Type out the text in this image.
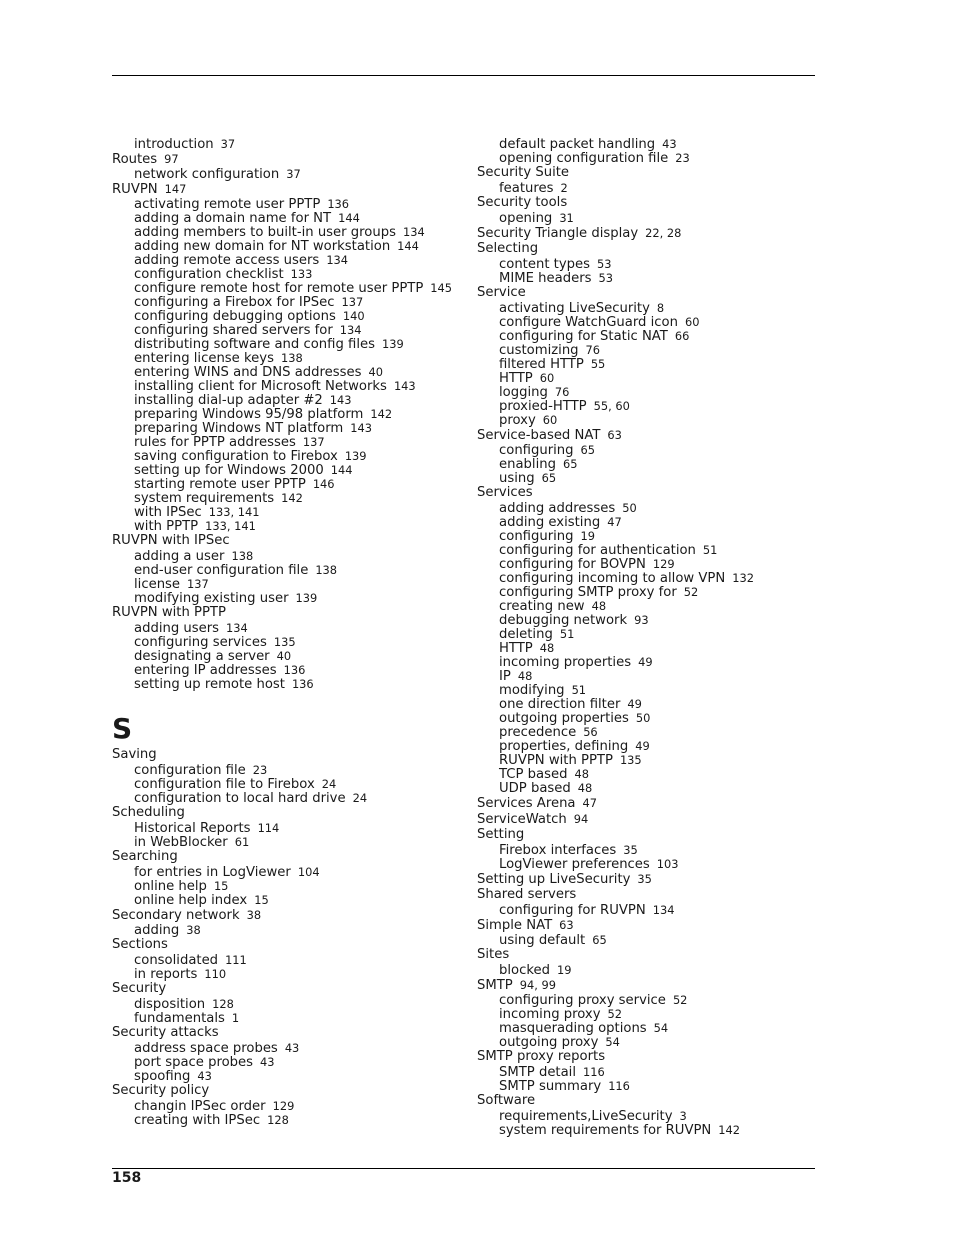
introduction 37
Routes 97
network configuration 37
RUVPN 147
activating remote user PPTP 136
adding a domain name for NT 144
adding members to built-in user groups 134
adding new domain for NT workstation 144
adding remote access users 134
configuration checklist 133
configure remote host for remote user PPTP 145
configuring a Firebox for IPSec 137
configuring debugging options 140
configuring shared servers for 134
distributing software and config files 139
entering license keys 138
entering WINS and DNS addresses 40
installing client for Microsoft Networks 143
installing dial-up adapter #2 143
preparing Windows 95/98 platform 142
preparing Windows NT platform 143
rules for PPTP addresses 137
saving configuration to Firebox 139
setting up for Windows 2000 144
starting remote user PPTP 146
system requirements 142
with IPSec 133, 141
with PPTP 133, 141
RUVPN with IPSec
adding a user 138
end-user configuration file 138
license 137
modifying existing user 139
RUVPN with PPTP
adding users 134
configuring services 135
designating a server 40
entering IP addresses 136
setting up remote host 136
S
Saving
configuration file 23
configuration file to Firebox 24
configuration to local hard drive 24
Scheduling
Historical Reports 114
in WebBlocker 61
Searching
for entries in LogViewer 104
online help 15
online help index 15
Secondary network 38
adding 38
Sections
consolidated 111
in reports 110
Security
disposition 128
fundamentals 1
Security attacks
address space probes 43
port space probes 43
spoofing 43
Security policy
changin IPSec order 129
creating with IPSec 128
default packet handling 43
opening configuration file 23
Security Suite
features 2
Security tools
opening 31
Security Triangle display 22, 28
Selecting
content types 53
MIME headers 53
Service
activating LiveSecurity 8
configure WatchGuard icon 60
configuring for Static NAT 66
customizing 76
filtered HTTP 55
HTTP 60
logging 76
proxied-HTTP 55, 60
proxy 60
Service-based NAT 63
configuring 65
enabling 65
using 65
Services
adding addresses 50
adding existing 47
configuring 19
configuring for authentication 51
configuring for BOVPN 129
configuring incoming to allow VPN 132
configuring SMTP proxy for 52
creating new 48
debugging network 93
deleting 51
HTTP 48
incoming properties 49
IP 48
modifying 51
one direction filter 49
outgoing properties 50
precedence 56
properties, defining 49
RUVPN with PPTP 135
TCP based 48
UDP based 48
Services Arena 47
ServiceWatch 94
Setting
Firebox interfaces 35
LogViewer preferences 103
Setting up LiveSecurity 35
Shared servers
configuring for RUVPN 134
Simple NAT 63
using default 65
Sites
blocked 19
SMTP 94, 99
configuring proxy service 52
incoming proxy 52
masquerading options 54
outgoing proxy 54
SMTP proxy reports
SMTP detail 116
SMTP summary 116
Software
requirements,LiveSecurity 3
system requirements for RUVPN 142
158
